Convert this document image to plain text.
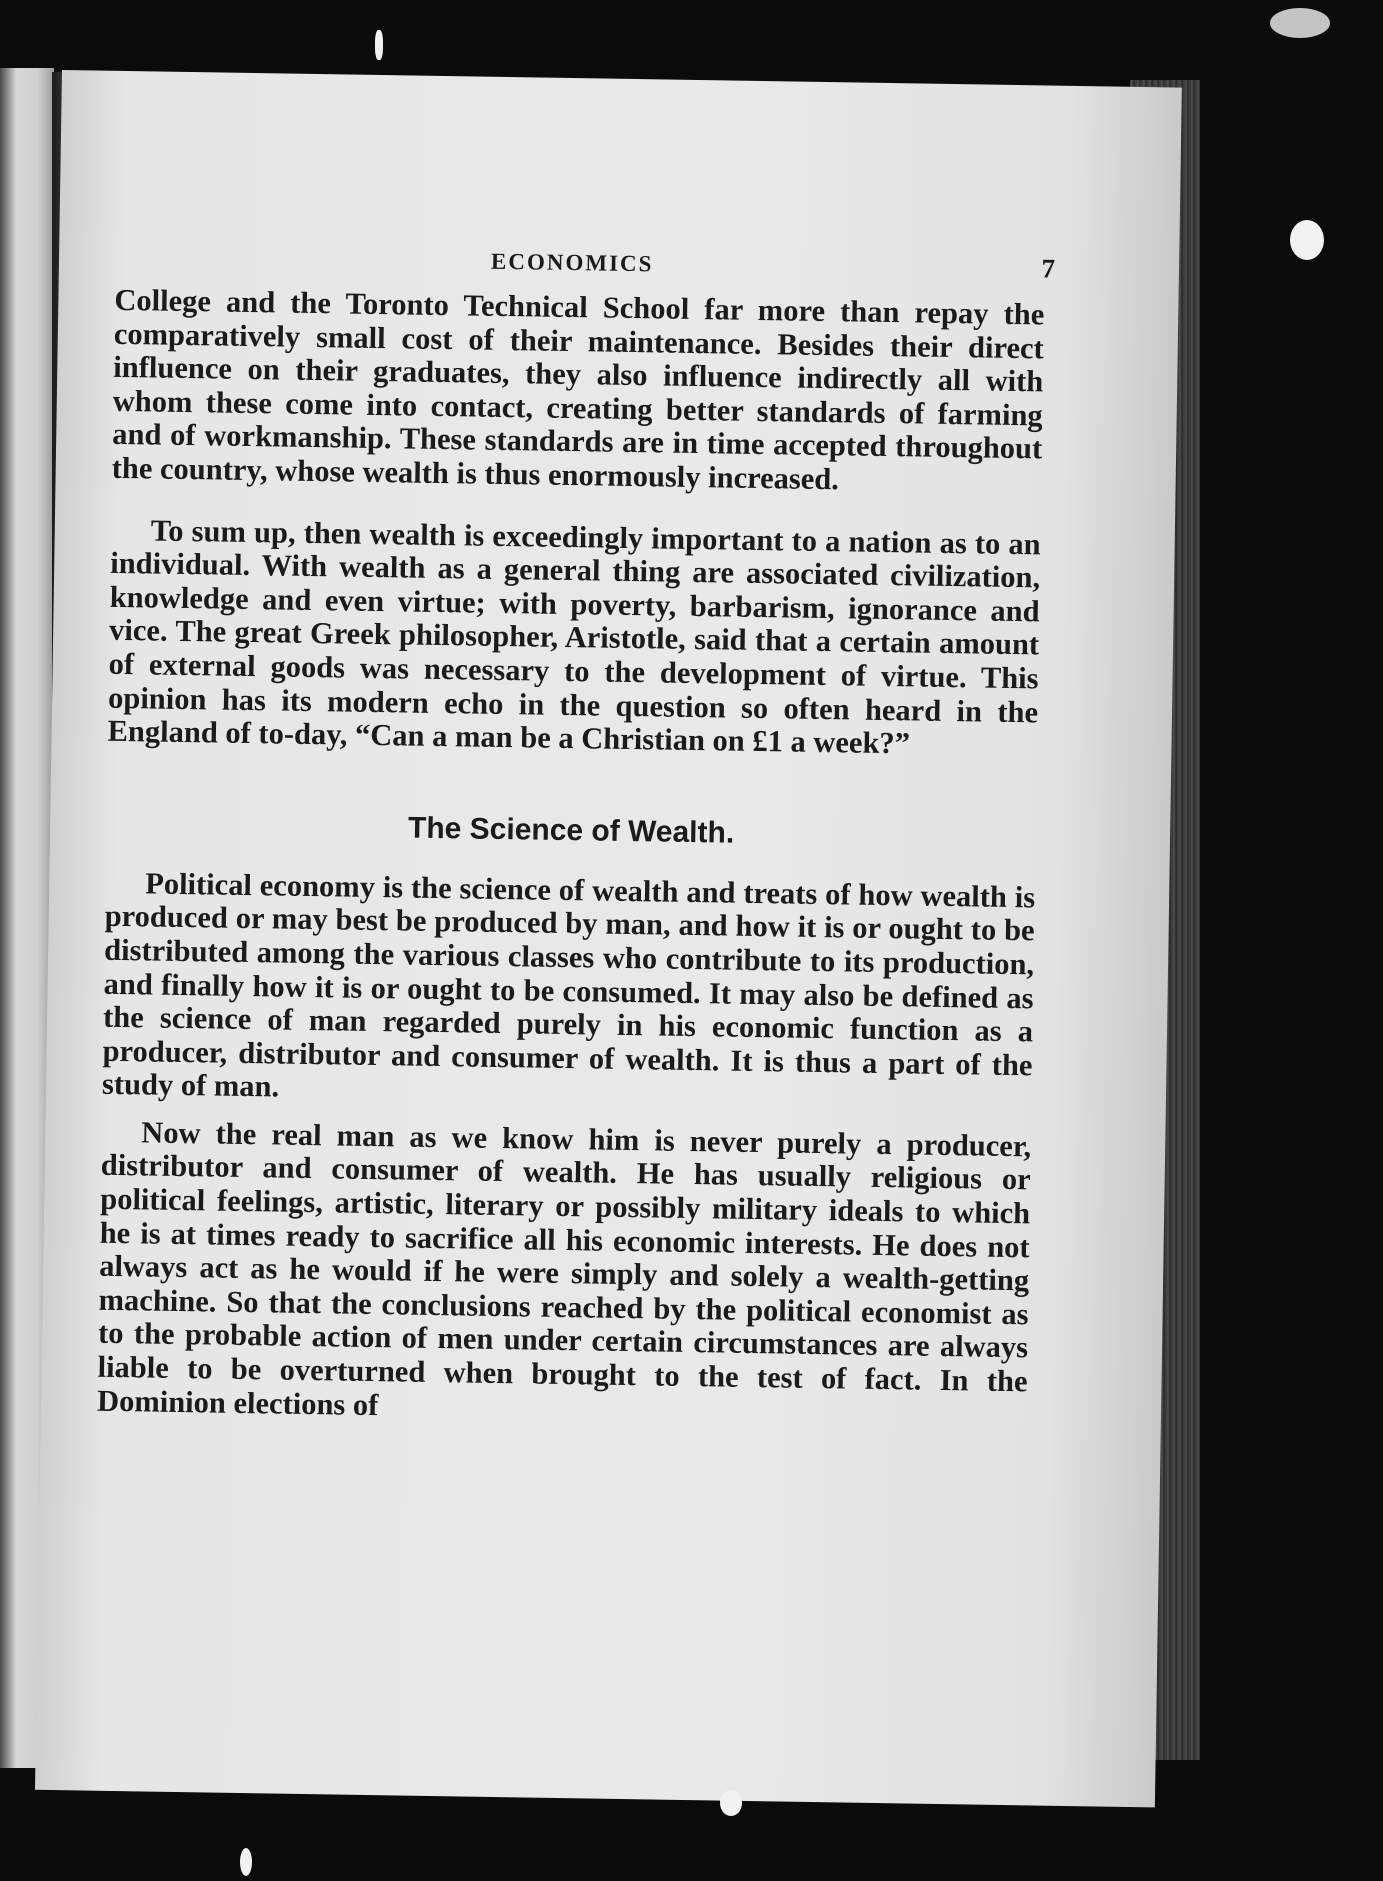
ECONOMICS	7

College and the Toronto Technical School far more than repay the comparatively small cost of their maintenance. Besides their direct influence on their graduates, they also influence indirectly all with whom these come into contact, creating better standards of farming and of workmanship. These standards are in time accepted throughout the country, whose wealth is thus enormously increased.

To sum up, then wealth is exceedingly important to a nation as to an individual. With wealth as a general thing are associated civilization, knowledge and even virtue; with poverty, barbarism, ignorance and vice. The great Greek philosopher, Aristotle, said that a certain amount of external goods was necessary to the development of virtue. This opinion has its modern echo in the question so often heard in the England of to-day, “Can a man be a Christian on £1 a week?”

The Science of Wealth.

Political economy is the science of wealth and treats of how wealth is produced or may best be produced by man, and how it is or ought to be distributed among the various classes who contribute to its production, and finally how it is or ought to be consumed. It may also be defined as the science of man regarded purely in his economic function as a producer, distributor and consumer of wealth. It is thus a part of the study of man.

Now the real man as we know him is never purely a producer, distributor and consumer of wealth. He has usually religious or political feelings, artistic, literary or possibly military ideals to which he is at times ready to sacrifice all his economic interests. He does not always act as he would if he were simply and solely a wealth-getting machine. So that the conclusions reached by the political economist as to the probable action of men under certain circumstances are always liable to be overturned when brought to the test of fact. In the Dominion elections of
